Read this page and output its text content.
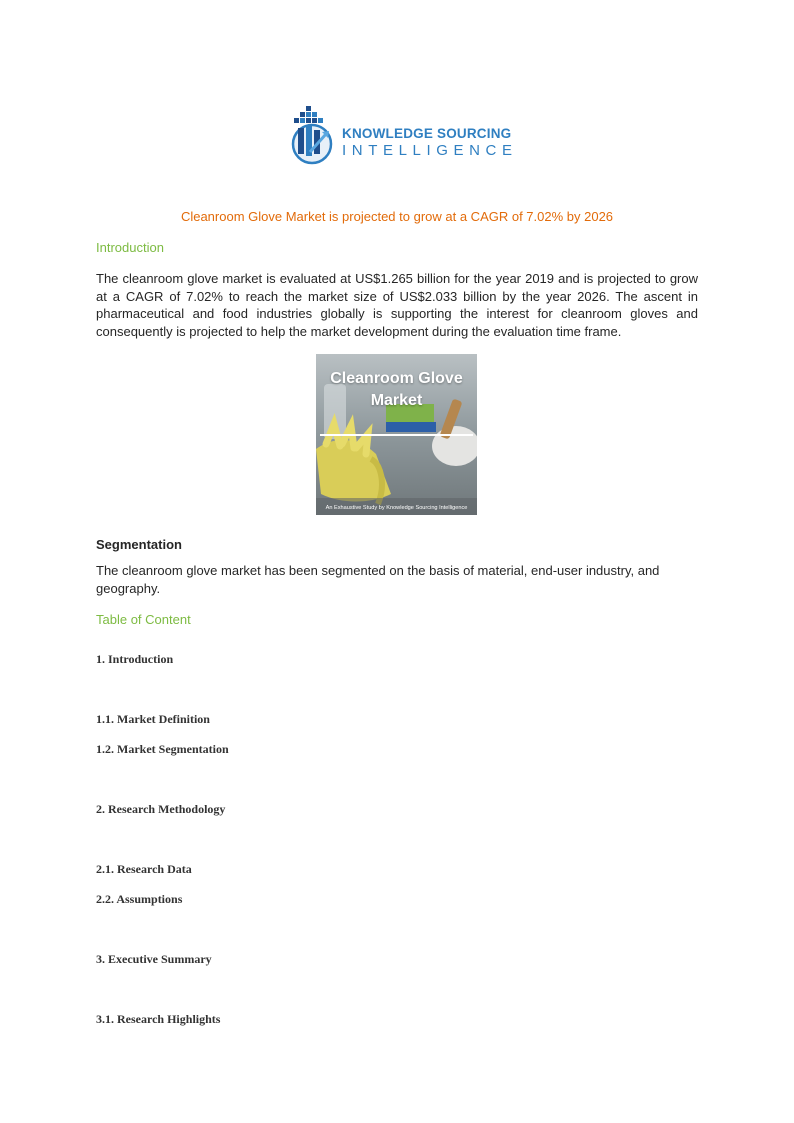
KNOWLEDGE SOURCING
INTELLIGENCE
Cleanroom Glove Market is projected to grow at a CAGR of 7.02% by 2026
Introduction
The cleanroom glove market is evaluated at US$1.265 billion for the year 2019 and is projected to grow at a CAGR of 7.02% to reach the market size of US$2.033 billion by the year 2026. The ascent in pharmaceutical and food industries globally is supporting the interest for cleanroom gloves and consequently is projected to help the market development during the evaluation time frame.
Cleanroom Glove
Market
An Exhaustive Study by Knowledge Sourcing Intelligence
Segmentation
The cleanroom glove market has been segmented on the basis of material, end-user industry, and geography.
Table of Content
1. Introduction
1.1. Market Definition
1.2. Market Segmentation
2. Research Methodology
2.1. Research Data
2.2. Assumptions
3. Executive Summary
3.1. Research Highlights
